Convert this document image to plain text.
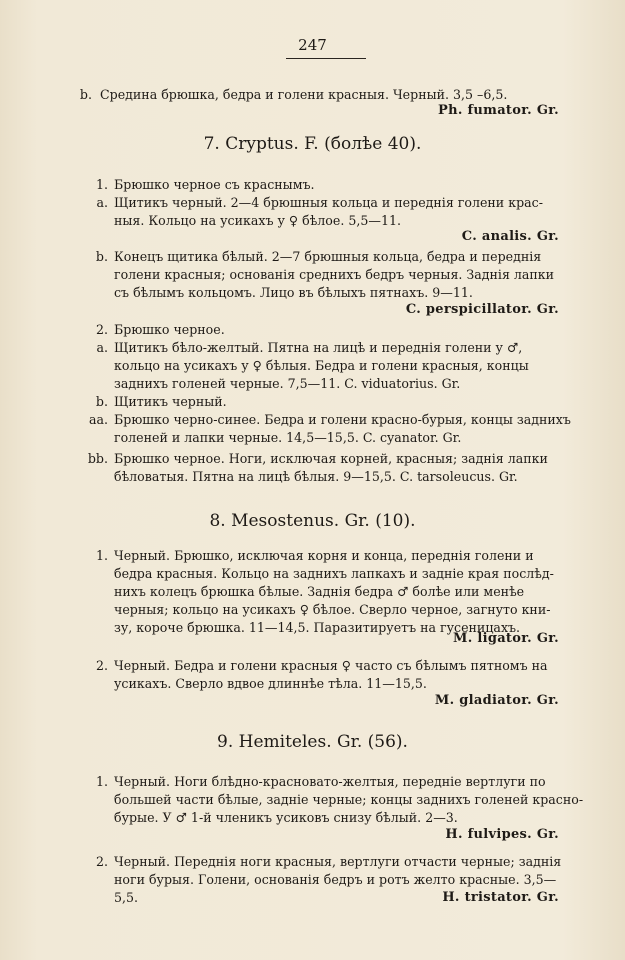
247
b. Средина брюшка, бедра и голени красныя. Черный. 3,5 –6,5.
Ph. fumator. Gr.
7. Cryptus. F. (болѣе 40).
1. Брюшко черное съ краснымъ.
a. Щитикъ черный. 2—4 брюшныя кольца и переднія голени крас-
ныя. Кольцо на усикахъ у ♀ бѣлое. 5,5—11.
C. analis. Gr.
b. Конецъ щитика бѣлый. 2—7 брюшныя кольца, бедра и переднія
голени красныя; основанія среднихъ бедръ черныя. Заднія лапки
съ бѣлымъ кольцомъ. Лицо въ бѣлыхъ пятнахъ. 9—11.
C. perspicillator. Gr.
2. Брюшко черное.
a. Щитикъ бѣло-желтый. Пятна на лицѣ и переднія голени у ♂,
кольцо на усикахъ у ♀ бѣлыя. Бедра и голени красныя, концы
заднихъ голеней черные. 7,5—11. C. viduatorius. Gr.
b. Щитикъ черный.
aa. Брюшко черно-синее. Бедра и голени красно-бурыя, концы заднихъ
голеней и лапки черные. 14,5—15,5. C. cyanator. Gr.
bb. Брюшко черное. Ноги, исключая корней, красныя; заднія лапки
бѣловатыя. Пятна на лицѣ бѣлыя. 9—15,5. C. tarsoleucus. Gr.
8. Mesostenus. Gr. (10).
1. Черный. Брюшко, исключая корня и конца, переднія голени и
бедра красныя. Кольцо на заднихъ лапкахъ и задніе края послѣд-
нихъ колецъ брюшка бѣлые. Заднія бедра ♂ болѣе или менѣе
черныя; кольцо на усикахъ ♀ бѣлое. Сверло черное, загнуто кни-
зу, короче брюшка. 11—14,5. Паразитируетъ на гусеницахъ.
M. ligator. Gr.
2. Черный. Бедра и голени красныя ♀ часто съ бѣлымъ пятномъ на
усикахъ. Сверло вдвое длиннѣе тѣла. 11—15,5.
M. gladiator. Gr.
9. Hemiteles. Gr. (56).
1. Черный. Ноги блѣдно-красновато-желтыя, переднiе вертлуги по
большей части бѣлые, задніе черные; концы заднихъ голеней красно-
бурые. У ♂ 1-й членикъ усиковъ снизу бѣлый. 2—3.
H. fulvipes. Gr.
2. Черный. Переднія ноги красныя, вертлуги отчасти черные; заднія
ноги бурыя. Голени, основанія бедръ и ротъ желто красные. 3,5—
5,5.	H. tristator. Gr.
